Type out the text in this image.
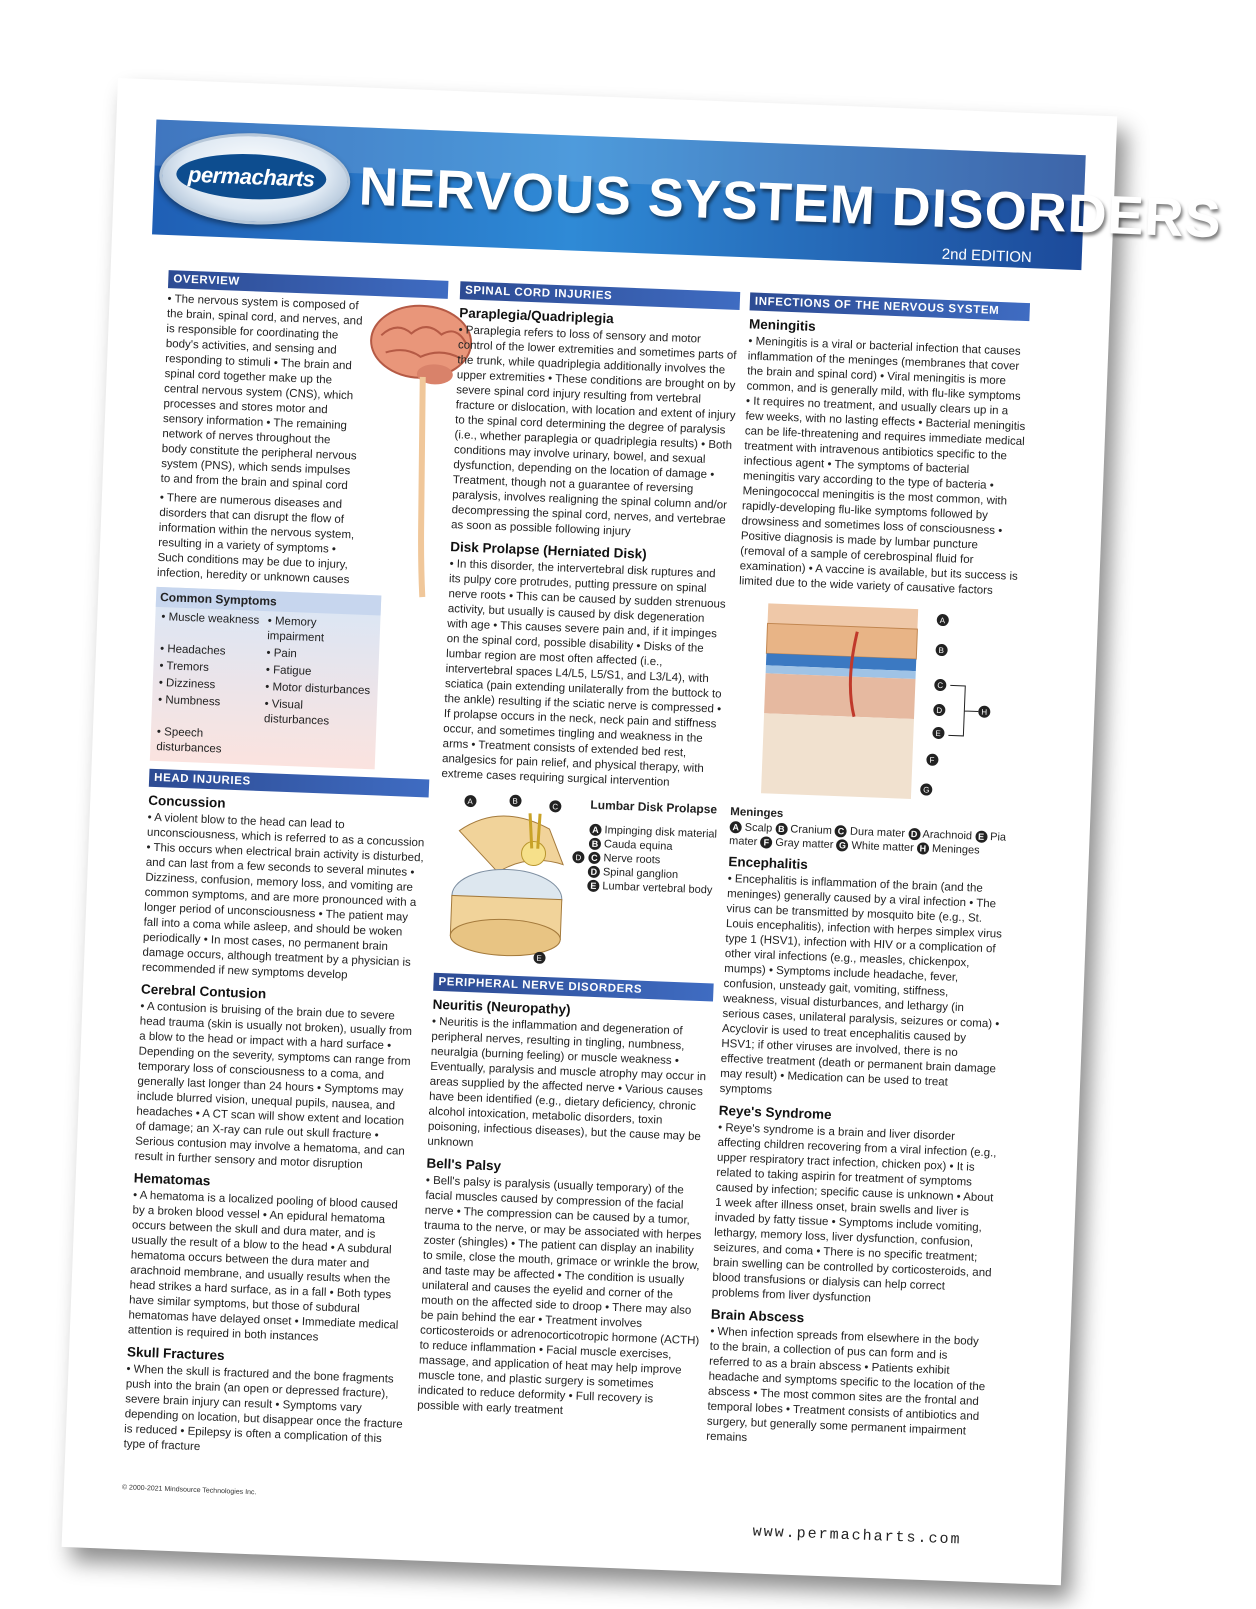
permacharts NERVOUS SYSTEM DISORDERS
2nd EDITION
OVERVIEW

• The nervous system is composed of the brain, spinal cord, and nerves, and is responsible for coordinating the body's activities, and sensing and responding to stimuli • The brain and spinal cord together make up the central nervous system (CNS), which processes and stores motor and sensory information • The remaining network of nerves throughout the body constitute the peripheral nervous system (PNS), which sends impulses to and from the brain and spinal cord

• There are numerous diseases and disorders that can disrupt the flow of information within the nervous system, resulting in a variety of symptoms • Such conditions may be due to injury, infection, heredity or unknown causes

Common Symptoms
• Muscle weakness • Memory impairment
• Headaches	• Pain
• Tremors	• Fatigue
• Dizziness	• Motor disturbances
• Numbness	• Visual disturbances
• Speech disturbances
HEAD INJURIES
Concussion

• A violent blow to the head can lead to unconsciousness, which is referred to as a concussion • This occurs when electrical brain activity is disturbed, and can last from a few seconds to several minutes • Dizziness, confusion, memory loss, and vomiting are common symptoms, and are more pronounced with a longer period of unconsciousness • The patient may fall into a coma while asleep, and should be woken periodically • In most cases, no permanent brain damage occurs, although treatment by a physician is recommended if new symptoms develop

Cerebral Contusion

• A contusion is bruising of the brain due to severe head trauma (skin is usually not broken), usually from a blow to the head or impact with a hard surface • Depending on the severity, symptoms can range from temporary loss of consciousness to a coma, and generally last longer than 24 hours • Symptoms may include blurred vision, unequal pupils, nausea, and headaches • A CT scan will show extent and location of damage; an X-ray can rule out skull fracture • Serious contusion may involve a hematoma, and can result in further sensory and motor disruption

Hematomas

• A hematoma is a localized pooling of blood caused by a broken blood vessel • An epidural hematoma occurs between the skull and dura mater, and is usually the result of a blow to the head • A subdural hematoma occurs between the dura mater and arachnoid membrane, and usually results when the head strikes a hard surface, as in a fall • Both types have similar symptoms, but those of subdural hematomas have delayed onset • Immediate medical attention is required in both instances

Skull Fractures

• When the skull is fractured and the bone fragments push into the brain (an open or depressed fracture), severe brain injury can result • Symptoms vary depending on location, but disappear once the fracture is reduced • Epilepsy is often a complication of this type of fracture

SPINAL CORD INJURIES
Paraplegia/Quadriplegia

• Paraplegia refers to loss of sensory and motor control of the lower extremities and sometimes parts of the trunk, while quadriplegia additionally involves the upper extremities • These conditions are brought on by severe spinal cord injury resulting from vertebral fracture or dislocation, with location and extent of injury to the spinal cord determining the degree of paralysis (i.e., whether paraplegia or quadriplegia results) • Both conditions may involve urinary, bowel, and sexual dysfunction, depending on the location of damage • Treatment, though not a guarantee of reversing paralysis, involves realigning the spinal column and/or decompressing the spinal cord, nerves, and vertebrae as soon as possible following injury

Disk Prolapse (Herniated Disk)

• In this disorder, the intervertebral disk ruptures and its pulpy core protrudes, putting pressure on spinal nerve roots • This can be caused by sudden strenuous activity, but usually is caused by disk degeneration with age • This causes severe pain and, if it impinges on the spinal cord, possible disability • Disks of the lumbar region are most often affected (i.e., intervertebral spaces L4/L5, L5/S1, and L3/L4), with sciatica (pain extending unilaterally from the buttock to the ankle) resulting if the sciatic nerve is compressed • If prolapse occurs in the neck, neck pain and stiffness occur, and sometimes tingling and weakness in the arms • Treatment consists of extended bed rest, analgesics for pain relief, and physical therapy, with extreme cases requiring surgical intervention

A	B
C
D
E
Lumbar Disk Prolapse
A Impinging disk material
B Cauda equina
C Nerve roots
D Spinal ganglion
E Lumbar vertebral body
PERIPHERAL NERVE DISORDERS
Neuritis (Neuropathy)

• Neuritis is the inflammation and degeneration of peripheral nerves, resulting in tingling, numbness, neuralgia (burning feeling) or muscle weakness • Eventually, paralysis and muscle atrophy may occur in areas supplied by the affected nerve • Various causes have been identified (e.g., dietary deficiency, chronic alcohol intoxication, metabolic disorders, toxin poisoning, infectious diseases), but the cause may be unknown

Bell's Palsy

• Bell's palsy is paralysis (usually temporary) of the facial muscles caused by compression of the facial nerve • The compression can be caused by a tumor, trauma to the nerve, or may be associated with herpes zoster (shingles) • The patient can display an inability to smile, close the mouth, grimace or wrinkle the brow, and taste may be affected • The condition is usually unilateral and causes the eyelid and corner of the mouth on the affected side to droop • There may also be pain behind the ear • Treatment involves corticosteroids or adrenocorticotropic hormone (ACTH) to reduce inflammation • Facial muscle exercises, massage, and application of heat may help improve muscle tone, and plastic surgery is sometimes indicated to reduce deformity • Full recovery is possible with early treatment

INFECTIONS OF THE NERVOUS SYSTEM
Meningitis

• Meningitis is a viral or bacterial infection that causes inflammation of the meninges (membranes that cover the brain and spinal cord) • Viral meningitis is more common, and is generally mild, with flu-like symptoms • It requires no treatment, and usually clears up in a few weeks, with no lasting effects • Bacterial meningitis can be life-threatening and requires immediate medical treatment with intravenous antibiotics specific to the infectious agent • The symptoms of bacterial meningitis vary according to the type of bacteria • Meningococcal meningitis is the most common, with rapidly-developing flu-like symptoms followed by drowsiness and sometimes loss of consciousness • Positive diagnosis is made by lumbar puncture (removal of a sample of cerebrospinal fluid for examination) • A vaccine is available, but its success is limited due to the wide variety of causative factors

A
B
C
D
E
F
G
H
Meninges
A Scalp B Cranium C Dura mater D Arachnoid E Pia mater F Gray matter G White matter H Meninges
Encephalitis

• Encephalitis is inflammation of the brain (and the meninges) generally caused by a viral infection • The virus can be transmitted by mosquito bite (e.g., St. Louis encephalitis), infection with herpes simplex virus type 1 (HSV1), infection with HIV or a complication of other viral infections (e.g., measles, chickenpox, mumps) • Symptoms include headache, fever, confusion, unsteady gait, vomiting, stiffness, weakness, visual disturbances, and lethargy (in serious cases, unilateral paralysis, seizures or coma) • Acyclovir is used to treat encephalitis caused by HSV1; if other viruses are involved, there is no effective treatment (death or permanent brain damage may result) • Medication can be used to treat symptoms

Reye's Syndrome

• Reye's syndrome is a brain and liver disorder affecting children recovering from a viral infection (e.g., upper respiratory tract infection, chicken pox) • It is related to taking aspirin for treatment of symptoms caused by infection; specific cause is unknown • About 1 week after illness onset, brain swells and liver is invaded by fatty tissue • Symptoms include vomiting, lethargy, memory loss, liver dysfunction, confusion, seizures, and coma • There is no specific treatment; brain swelling can be controlled by corticosteroids, and blood transfusions or dialysis can help correct problems from liver dysfunction

Brain Abscess

• When infection spreads from elsewhere in the body to the brain, a collection of pus can form and is referred to as a brain abscess • Patients exhibit headache and symptoms specific to the location of the abscess • The most common sites are the frontal and temporal lobes • Treatment consists of antibiotics and surgery, but generally some permanent impairment remains

© 2000-2021 Mindsource Technologies Inc.
www.permacharts.com
